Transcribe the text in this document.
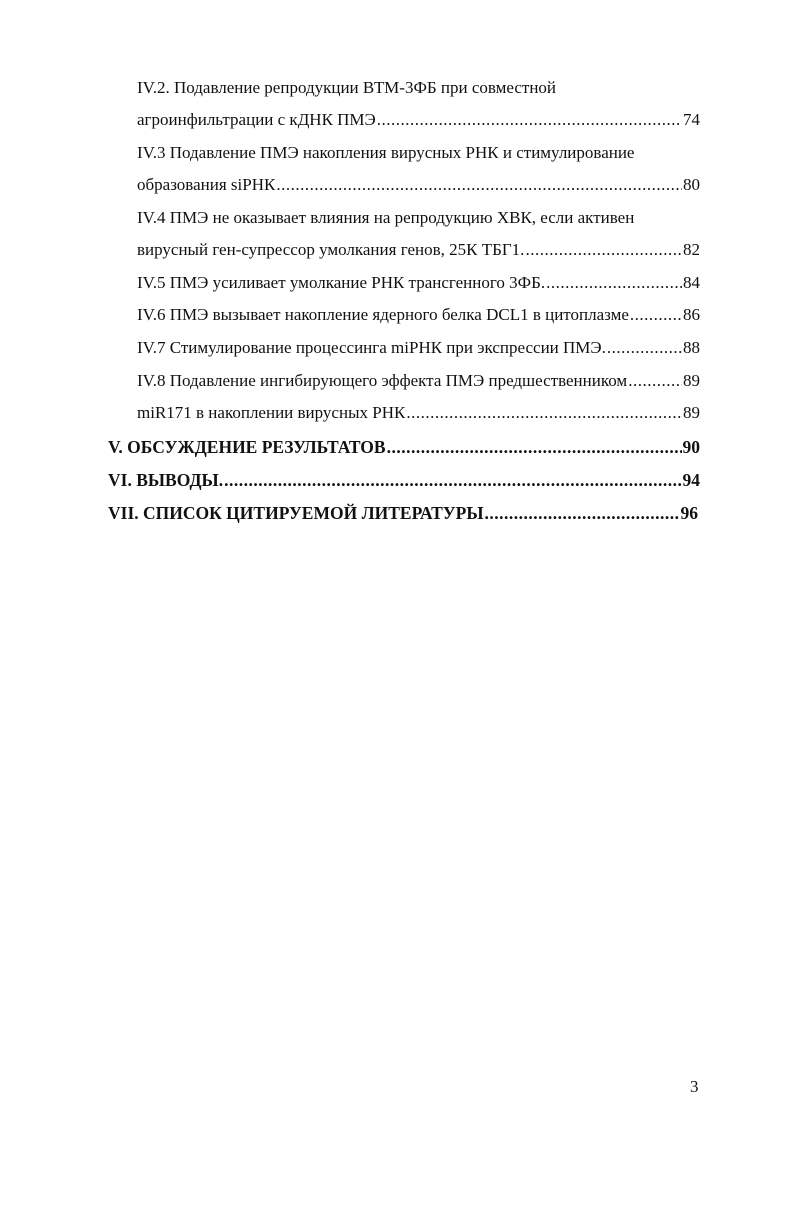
IV.2. Подавление репродукции ВТМ-3ФБ при совместной
агроинфильтрации с кДНК ПМЭ .....	74
IV.3 Подавление ПМЭ накопления вирусных РНК и стимулирование
образования siРНК .....	80
IV.4 ПМЭ не оказывает влияния на репродукцию ХВК, если активен
вирусный ген-супрессор умолкания генов, 25К ТБГ1. .....	82
IV.5 ПМЭ усиливает умолкание РНК трансгенного 3ФБ. .....	84
IV.6 ПМЭ вызывает накопление ядерного белка DCL1 в цитоплазме .....	86
IV.7 Стимулирование процессинга miРНК при экспрессии ПМЭ. .....	88
IV.8 Подавление ингибирующего эффекта ПМЭ предшественником .....	89
miR171 в накоплении вирусных РНК .....	89
V. ОБСУЖДЕНИЕ РЕЗУЛЬТАТОВ .....	90
VI. ВЫВОДЫ. .....	94
VII. СПИСОК ЦИТИРУЕМОЙ ЛИТЕРАТУРЫ .....	96
3
